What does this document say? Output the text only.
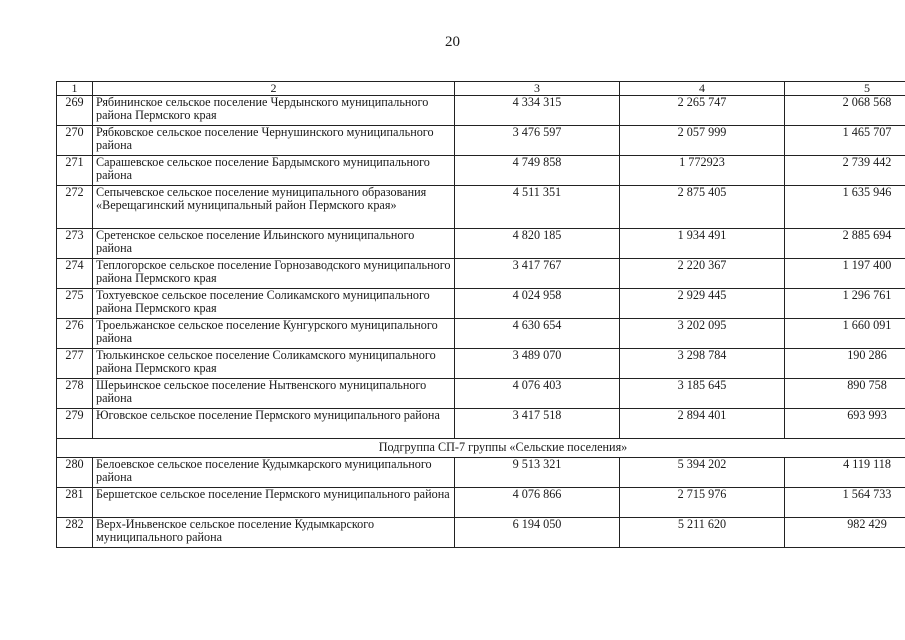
20
1	2	3	4	5
269	Рябининское сельское поселение Чердынского муниципального района Пермского края	4 334 315	2 265 747	2 068 568
270	Рябковское сельское поселение Чернушинского муниципального района	3 476 597	2 057 999	1 465 707
271	Сарашевское сельское поселение Бардымского муниципального района	4 749 858	1 772923	2 739 442
272	Сепычевское сельское поселение муниципального образования «Верещагинский муниципальный район Пермского края»	4 511 351	2 875 405	1 635 946
273	Сретенское сельское поселение Ильинского муниципального района	4 820 185	1 934 491	2 885 694
274	Теплогорское сельское поселение Горнозаводского муниципального района Пермского края	3 417 767	2 220 367	1 197 400
275	Тохтуевское сельское поселение Соликамского муниципального района Пермского края	4 024 958	2 929 445	1 296 761
276	Троельжанское сельское поселение Кунгурского муниципального района	4 630 654	3 202 095	1 660 091
277	Тюлькинское сельское поселение Соликамского муниципального района Пермского края	3 489 070	3 298 784	190 286
278	Шерьинское сельское поселение Нытвенского муниципального района	4 076 403	3 185 645	890 758
279	Юговское сельское поселение Пермского муниципального района	3 417 518	2 894 401	693 993
Подгруппа СП-7 группы «Сельские поселения»				
280	Белоевское сельское поселение Кудымкарского муниципального района	9 513 321	5 394 202	4 119 118
281	Бершетское сельское поселение Пермского муниципального района	4 076 866	2 715 976	1 564 733
282	Верх-Иньвенское сельское поселение Кудымкарского муниципального района	6 194 050	5 211 620	982 429
